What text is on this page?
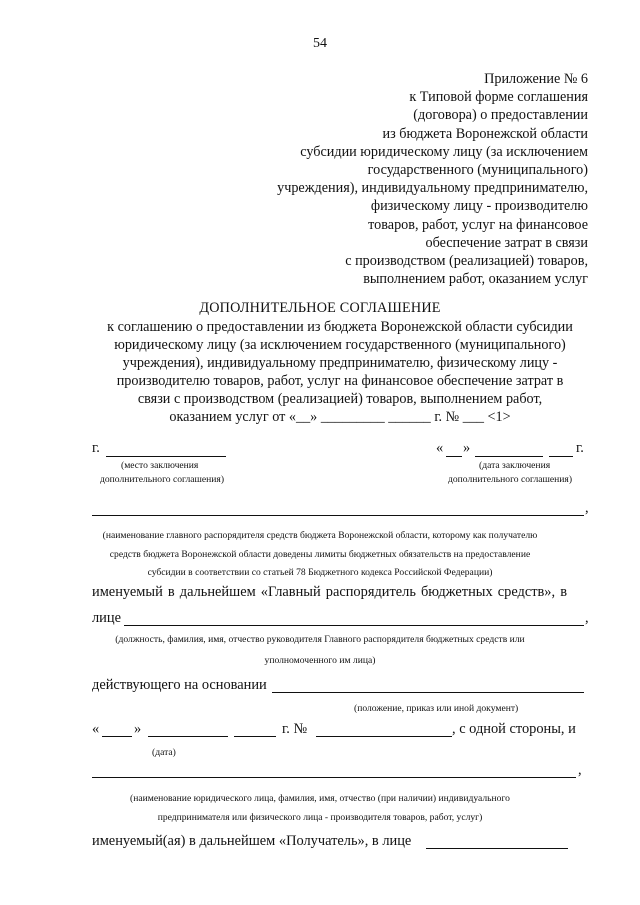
54
Приложение № 6
к Типовой форме соглашения
(договора) о предоставлении
из бюджета Воронежской области
субсидии юридическому лицу (за исключением
государственного (муниципального)
учреждения), индивидуальному предпринимателю,
физическому лицу - производителю
товаров, работ, услуг на финансовое
обеспечение затрат в связи
с производством (реализацией) товаров,
выполнением работ, оказанием услуг
ДОПОЛНИТЕЛЬНОЕ СОГЛАШЕНИЕ
к соглашению о предоставлении из бюджета Воронежской области субсидии
юридическому лицу (за исключением государственного (муниципального)
учреждения), индивидуальному предпринимателю, физическому лицу -
производителю товаров, работ, услуг на финансовое обеспечение затрат в
связи с производством (реализацией) товаров, выполнением работ,
оказанием услуг от «__» _________ ______ г. № ___ <1>
г.
(место заключения
дополнительного соглашения)
« »	г.
(дата заключения
дополнительного соглашения)
,
(наименование главного распорядителя средств бюджета Воронежской области, которому как получателю
средств бюджета Воронежской области доведены лимиты бюджетных обязательств на предоставление
субсидии в соответствии со статьей 78 Бюджетного кодекса Российской Федерации)
именуемый в дальнейшем «Главный распорядитель бюджетных средств», в
лице	,
(должность, фамилия, имя, отчество руководителя Главного распорядителя бюджетных средств или
уполномоченного им лица)
действующего на основании
(положение, приказ или иной документ)
« »	г. №	, с одной стороны, и
(дата)
,
(наименование юридического лица, фамилия, имя, отчество (при наличии) индивидуального
предпринимателя или физического лица - производителя товаров, работ, услуг)
именуемый(ая) в дальнейшем «Получатель», в лице
